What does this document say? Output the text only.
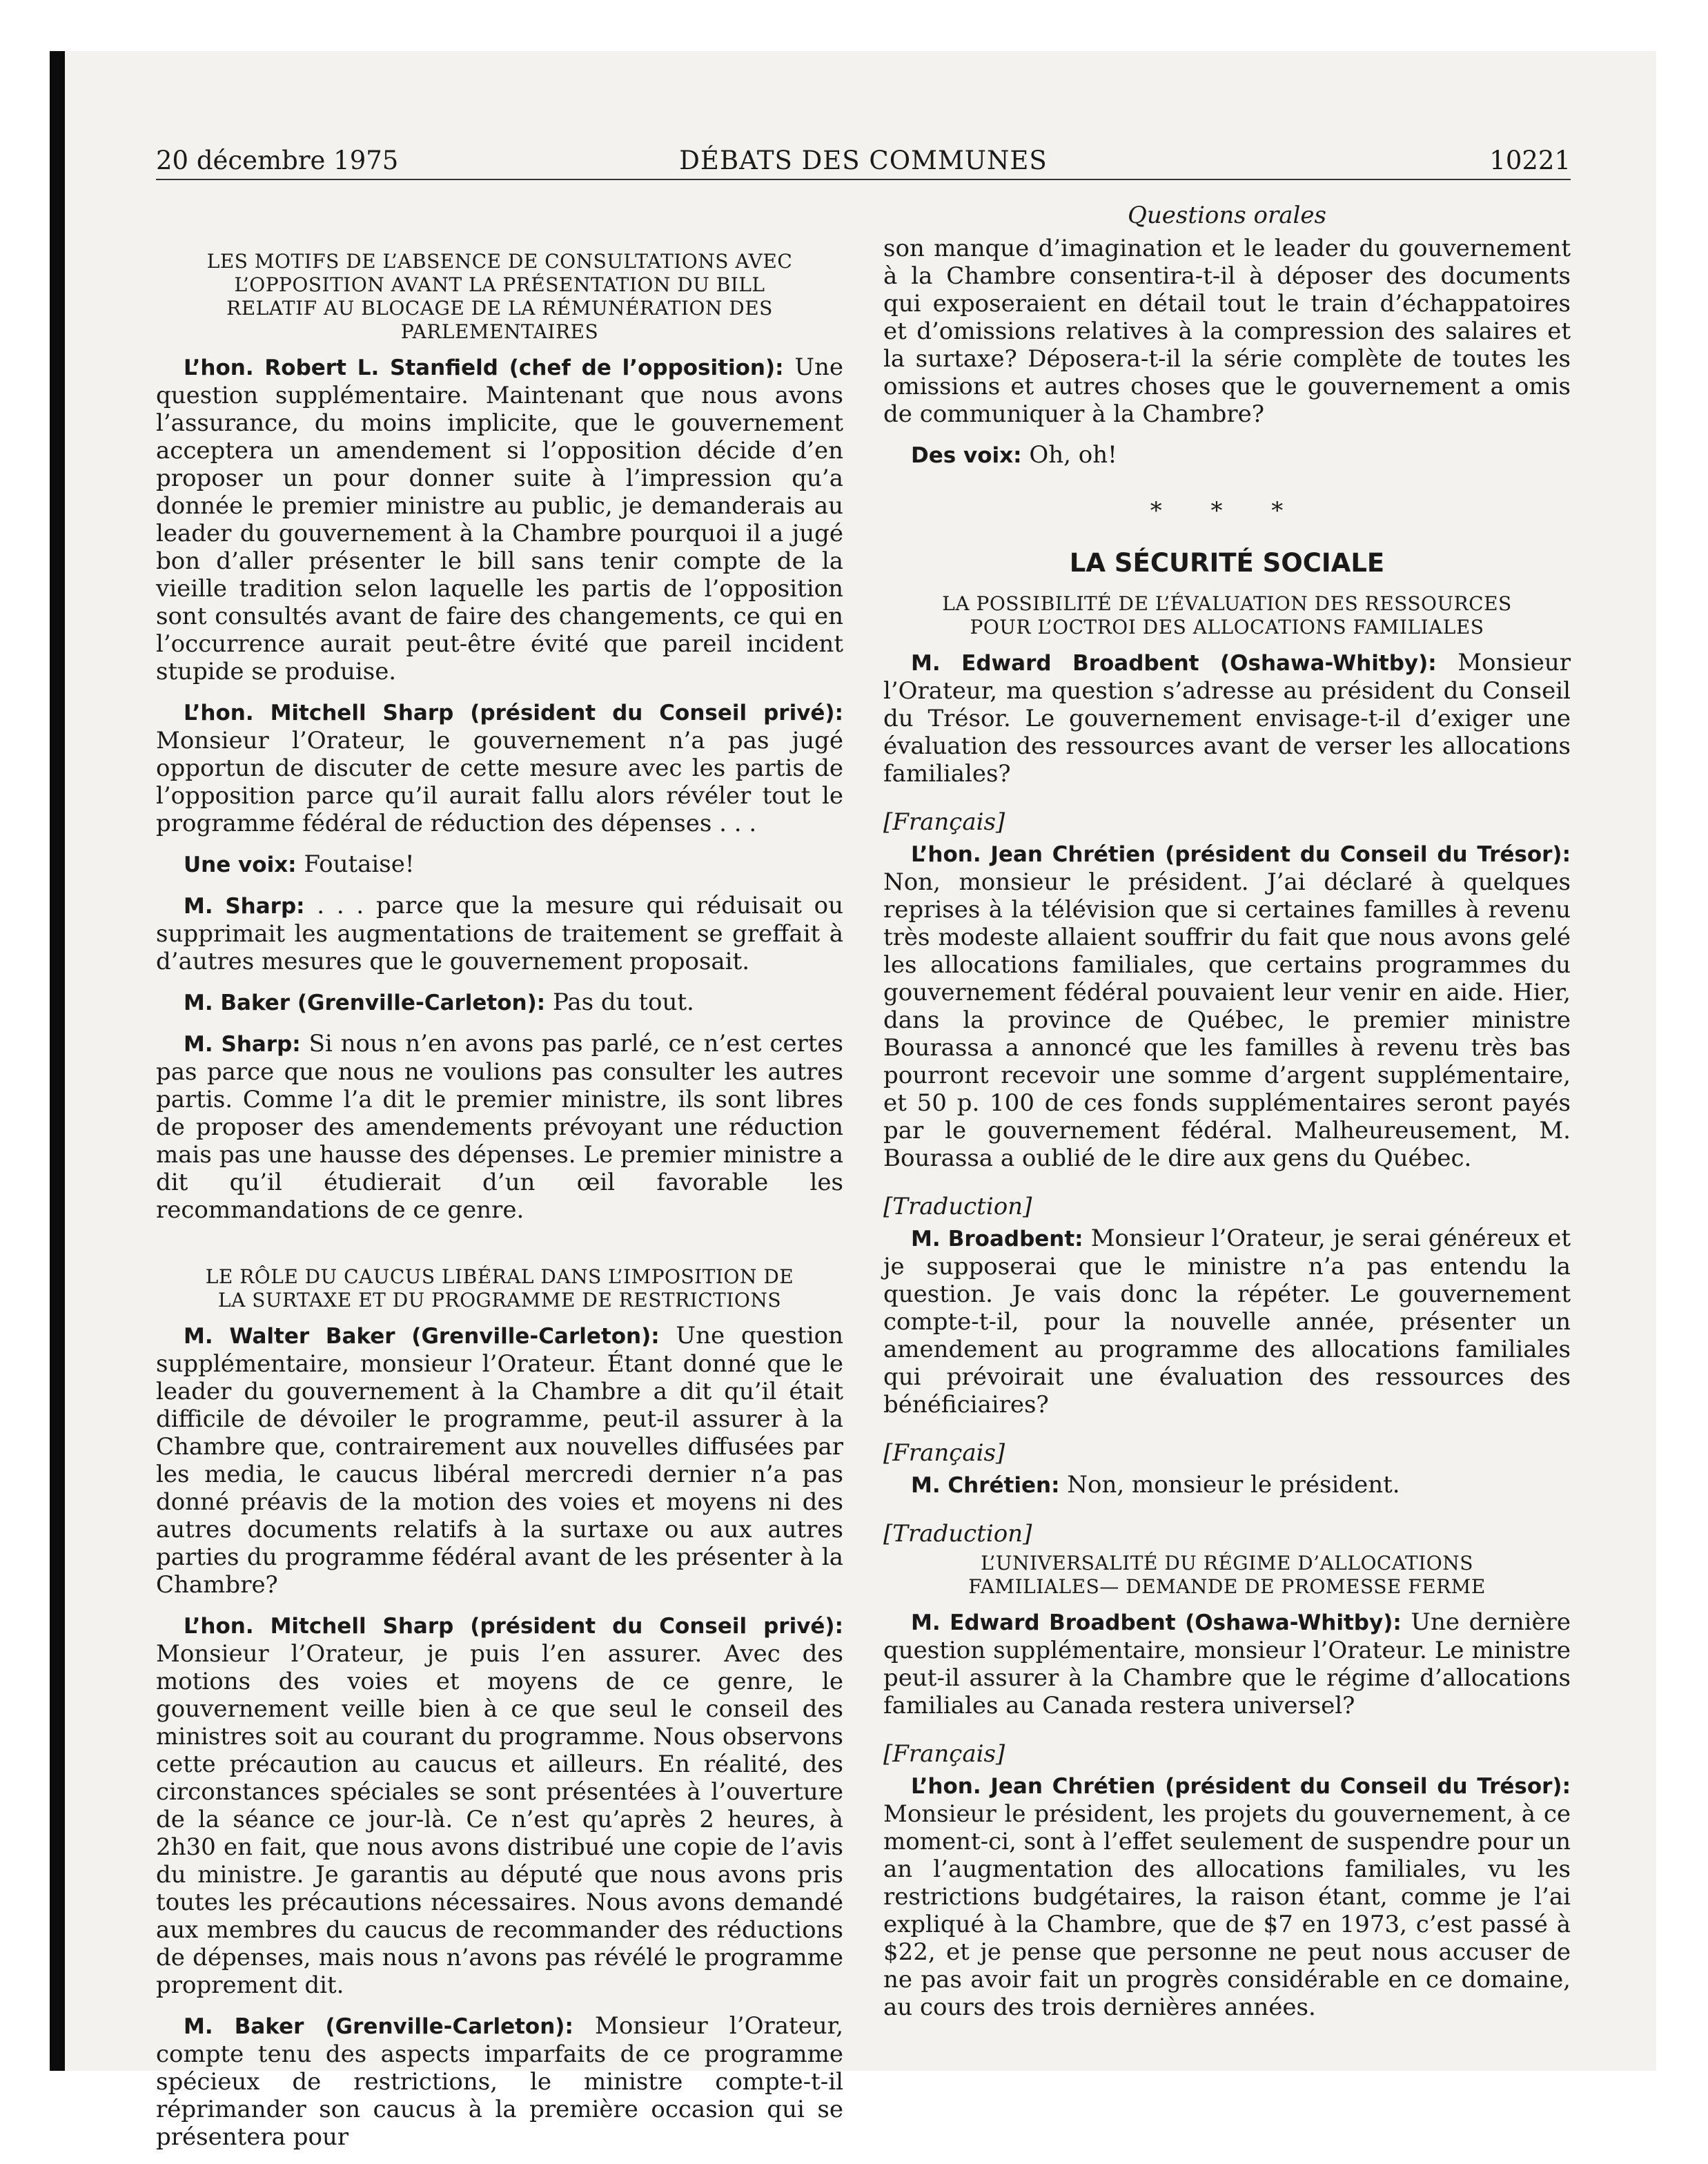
20 décembre 1975	DÉBATS DES COMMUNES	10221
Questions orales
LES MOTIFS DE L’ABSENCE DE CONSULTATIONS AVEC L’OPPOSITION AVANT LA PRÉSENTATION DU BILL RELATIF AU BLOCAGE DE LA RÉMUNÉRATION DES PARLEMENTAIRES

L’hon. Robert L. Stanfield (chef de l’opposition): Une question supplémentaire. Maintenant que nous avons l’assurance, du moins implicite, que le gouvernement acceptera un amendement si l’opposition décide d’en proposer un pour donner suite à l’impression qu’a donnée le premier ministre au public, je demanderais au leader du gouvernement à la Chambre pourquoi il a jugé bon d’aller présenter le bill sans tenir compte de la vieille tradition selon laquelle les partis de l’opposition sont consultés avant de faire des changements, ce qui en l’occurrence aurait peut-être évité que pareil incident stupide se produise.

L’hon. Mitchell Sharp (président du Conseil privé): Monsieur l’Orateur, le gouvernement n’a pas jugé opportun de discuter de cette mesure avec les partis de l’opposition parce qu’il aurait fallu alors révéler tout le programme fédéral de réduction des dépenses . . .

Une voix: Foutaise!

M. Sharp: . . . parce que la mesure qui réduisait ou supprimait les augmentations de traitement se greffait à d’autres mesures que le gouvernement proposait.

M. Baker (Grenville-Carleton): Pas du tout.

M. Sharp: Si nous n’en avons pas parlé, ce n’est certes pas parce que nous ne voulions pas consulter les autres partis. Comme l’a dit le premier ministre, ils sont libres de proposer des amendements prévoyant une réduction mais pas une hausse des dépenses. Le premier ministre a dit qu’il étudierait d’un œil favorable les recommandations de ce genre.

LE RÔLE DU CAUCUS LIBÉRAL DANS L’IMPOSITION DE LA SURTAXE ET DU PROGRAMME DE RESTRICTIONS

M. Walter Baker (Grenville-Carleton): Une question supplémentaire, monsieur l’Orateur. Étant donné que le leader du gouvernement à la Chambre a dit qu’il était difficile de dévoiler le programme, peut-il assurer à la Chambre que, contrairement aux nouvelles diffusées par les media, le caucus libéral mercredi dernier n’a pas donné préavis de la motion des voies et moyens ni des autres documents relatifs à la surtaxe ou aux autres parties du programme fédéral avant de les présenter à la Chambre?

L’hon. Mitchell Sharp (président du Conseil privé): Monsieur l’Orateur, je puis l’en assurer. Avec des motions des voies et moyens de ce genre, le gouvernement veille bien à ce que seul le conseil des ministres soit au courant du programme. Nous observons cette précaution au caucus et ailleurs. En réalité, des circonstances spéciales se sont présentées à l’ouverture de la séance ce jour-là. Ce n’est qu’après 2 heures, à 2h30 en fait, que nous avons distribué une copie de l’avis du ministre. Je garantis au député que nous avons pris toutes les précautions nécessaires. Nous avons demandé aux membres du caucus de recommander des réductions de dépenses, mais nous n’avons pas révélé le programme proprement dit.

M. Baker (Grenville-Carleton): Monsieur l’Orateur, compte tenu des aspects imparfaits de ce programme spécieux de restrictions, le ministre compte-t-il réprimander son caucus à la première occasion qui se présentera pour

son manque d’imagination et le leader du gouvernement à la Chambre consentira-t-il à déposer des documents qui exposeraient en détail tout le train d’échappatoires et d’omissions relatives à la compression des salaires et la surtaxe? Déposera-t-il la série complète de toutes les omissions et autres choses que le gouvernement a omis de communiquer à la Chambre?

Des voix: Oh, oh!

* * *
LA SÉCURITÉ SOCIALE
LA POSSIBILITÉ DE L’ÉVALUATION DES RESSOURCES POUR L’OCTROI DES ALLOCATIONS FAMILIALES

M. Edward Broadbent (Oshawa-Whitby): Monsieur l’Orateur, ma question s’adresse au président du Conseil du Trésor. Le gouvernement envisage-t-il d’exiger une évaluation des ressources avant de verser les allocations familiales?

[Français]

L’hon. Jean Chrétien (président du Conseil du Trésor): Non, monsieur le président. J’ai déclaré à quelques reprises à la télévision que si certaines familles à revenu très modeste allaient souffrir du fait que nous avons gelé les allocations familiales, que certains programmes du gouvernement fédéral pouvaient leur venir en aide. Hier, dans la province de Québec, le premier ministre Bourassa a annoncé que les familles à revenu très bas pourront recevoir une somme d’argent supplémentaire, et 50 p. 100 de ces fonds supplémentaires seront payés par le gouvernement fédéral. Malheureusement, M. Bourassa a oublié de le dire aux gens du Québec.

[Traduction]

M. Broadbent: Monsieur l’Orateur, je serai généreux et je supposerai que le ministre n’a pas entendu la question. Je vais donc la répéter. Le gouvernement compte-t-il, pour la nouvelle année, présenter un amendement au programme des allocations familiales qui prévoirait une évaluation des ressources des bénéficiaires?

[Français]

M. Chrétien: Non, monsieur le président.

[Traduction]
L’UNIVERSALITÉ DU RÉGIME D’ALLOCATIONS FAMILIALES— DEMANDE DE PROMESSE FERME

M. Edward Broadbent (Oshawa-Whitby): Une dernière question supplémentaire, monsieur l’Orateur. Le ministre peut-il assurer à la Chambre que le régime d’allocations familiales au Canada restera universel?

[Français]

L’hon. Jean Chrétien (président du Conseil du Trésor): Monsieur le président, les projets du gouvernement, à ce moment-ci, sont à l’effet seulement de suspendre pour un an l’augmentation des allocations familiales, vu les restrictions budgétaires, la raison étant, comme je l’ai expliqué à la Chambre, que de $7 en 1973, c’est passé à $22, et je pense que personne ne peut nous accuser de ne pas avoir fait un progrès considérable en ce domaine, au cours des trois dernières années.
